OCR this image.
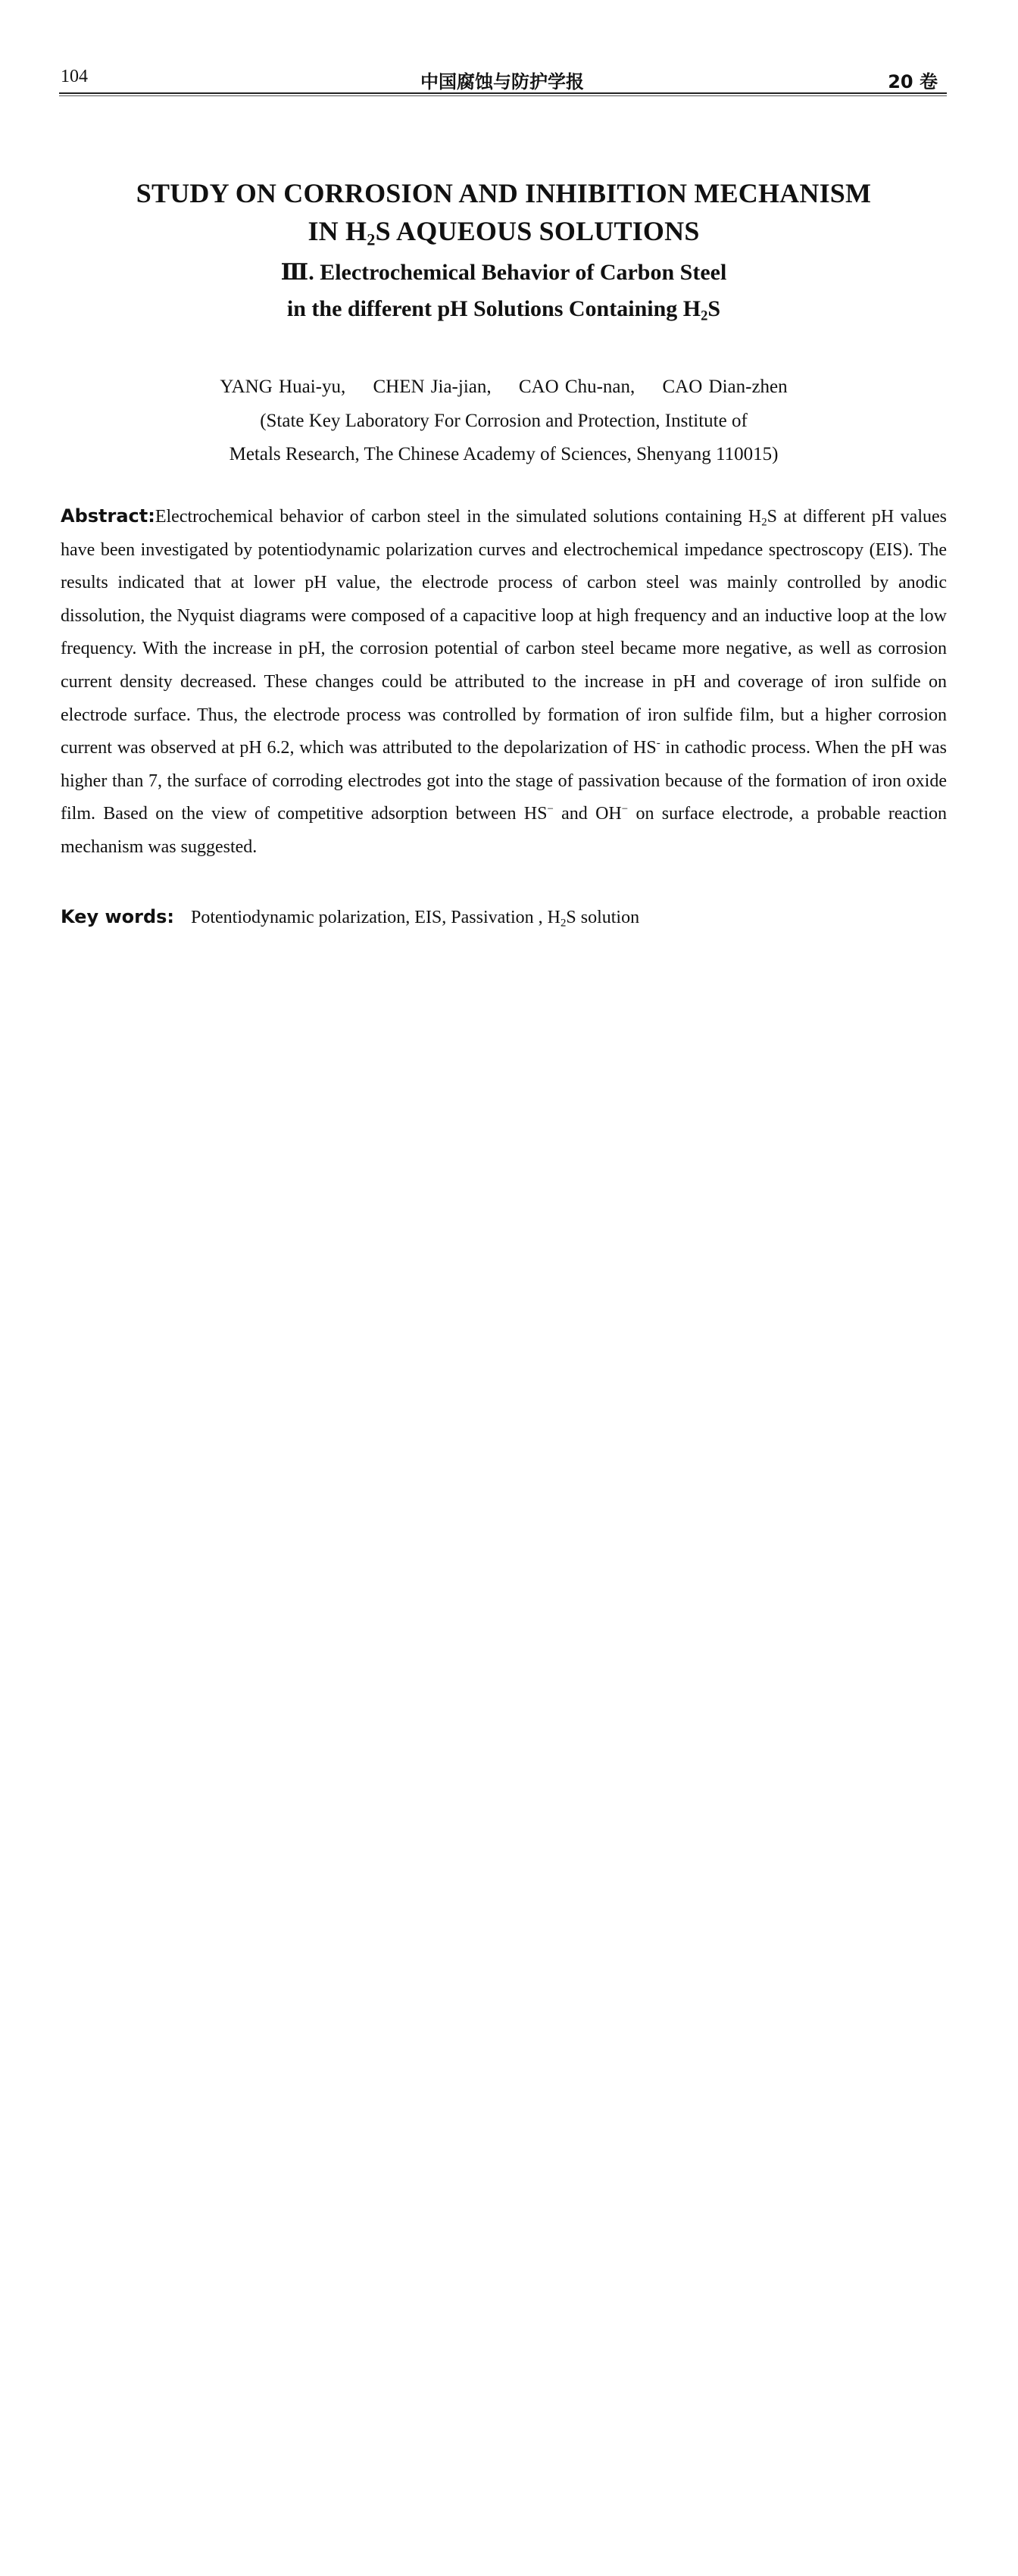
104	中国腐蚀与防护学报	20 卷
STUDY ON CORROSION AND INHIBITION MECHANISM
IN $H_2S$ AQUEOUS SOLUTIONS
Ⅲ. Electrochemical Behavior of Carbon Steel
in the different pH Solutions Containing $H_2S$
YANG Huai-yu, CHEN Jia-jian, CAO Chu-nan, CAO Dian-zhen
(State Key Laboratory For Corrosion and Protection, Institute of
Metals Research, The Chinese Academy of Sciences, Shenyang 110015)
Abstract:Electrochemical behavior of carbon steel in the simulated solutions containing $H_2S$ at different pH values have been investigated by potentiodynamic polarization curves and electrochemical impedance spectroscopy (EIS). The results indicated that at lower pH value, the electrode process of carbon steel was mainly controlled by anodic dissolution, the Nyquist diagrams were composed of a capacitive loop at high frequency and an inductive loop at the low frequency. With the increase in pH, the corrosion potential of carbon steel became more negative, as well as corrosion current density decreased. These changes could be attributed to the increase in pH and coverage of iron sulfide on electrode surface. Thus, the electrode process was controlled by formation of iron sulfide film, but a higher corrosion current was observed at pH 6.2, which was attributed to the depolarization of HS- in cathodic process. When the pH was higher than 7, the surface of corroding electrodes got into the stage of passivation because of the formation of iron oxide film. Based on the view of competitive adsorption between HS− and OH− on surface electrode, a probable reaction mechanism was suggested.
Key words: Potentiodynamic polarization, EIS, Passivation , $H_2S$ solution
